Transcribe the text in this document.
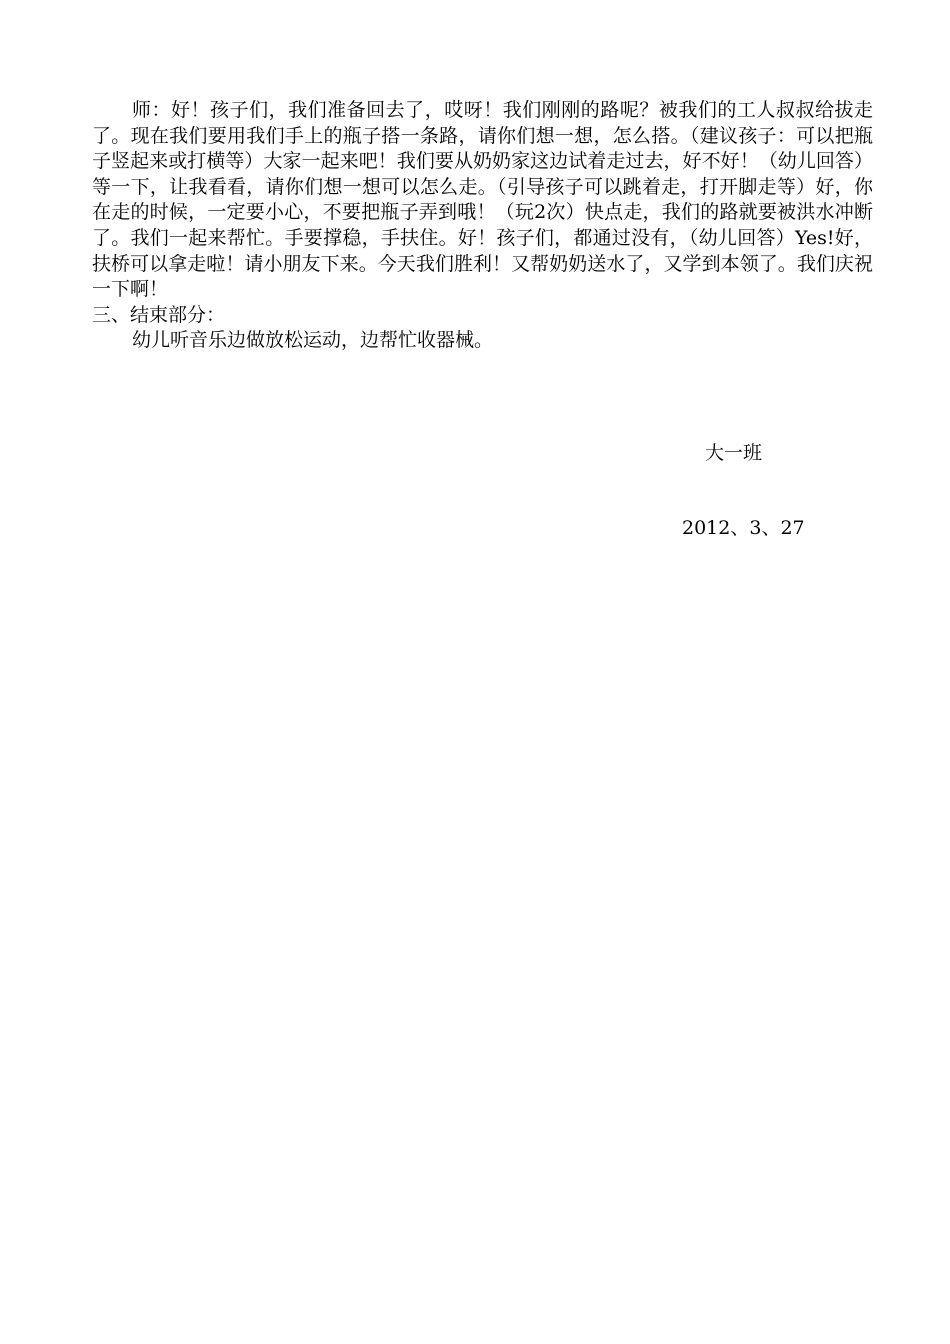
师：好！孩子们，我们准备回去了，哎呀！我们刚刚的路呢？被我们的工人叔叔给拔走了。现在我们要用我们手上的瓶子搭一条路，请你们想一想，怎么搭。（建议孩子：可以把瓶子竖起来或打横等）大家一起来吧！我们要从奶奶家这边试着走过去，好不好！（幼儿回答）等一下，让我看看，请你们想一想可以怎么走。（引导孩子可以跳着走，打开脚走等）好，你在走的时候，一定要小心，不要把瓶子弄到哦！（玩2次）快点走，我们的路就要被洪水冲断了。我们一起来帮忙。手要撑稳，手扶住。好！孩子们，都通过没有，（幼儿回答）Yes!好，扶桥可以拿走啦！请小朋友下来。今天我们胜利！又帮奶奶送水了，又学到本领了。我们庆祝一下啊！

三、结束部分：

幼儿听音乐边做放松运动，边帮忙收器械。

大一班

2012、3、27
